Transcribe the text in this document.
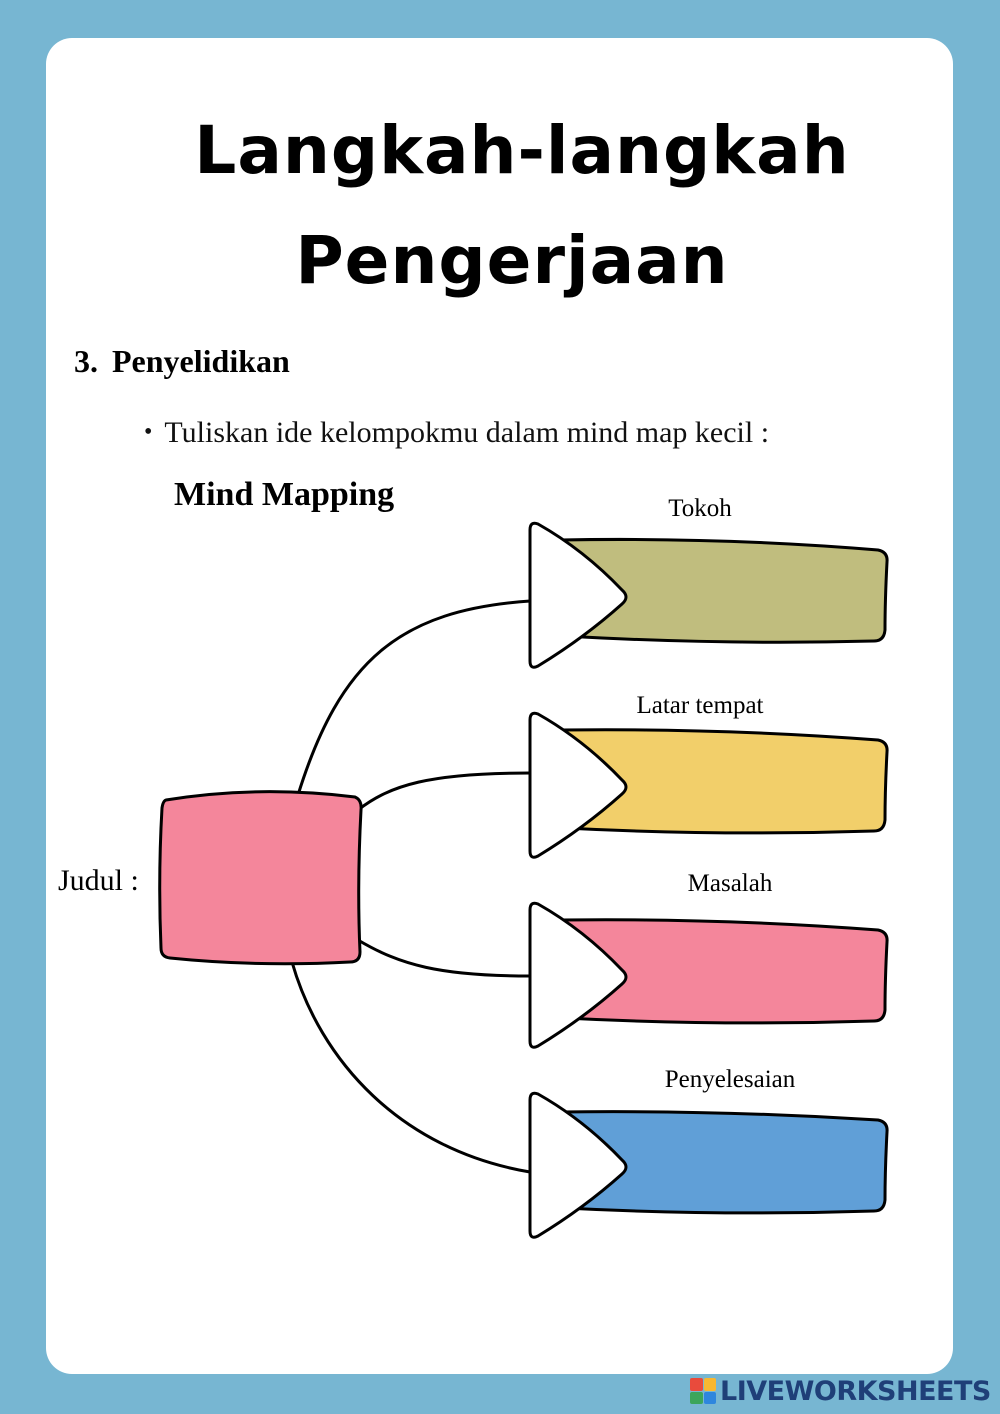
Langkah-langkah
Pengerjaan
3. Penyelidikan
• Tuliskan ide kelompokmu dalam mind map kecil :
Mind Mapping
Judul :
Tokoh
Latar tempat
Masalah
Penyelesaian
LIVEWORKSHEETS
